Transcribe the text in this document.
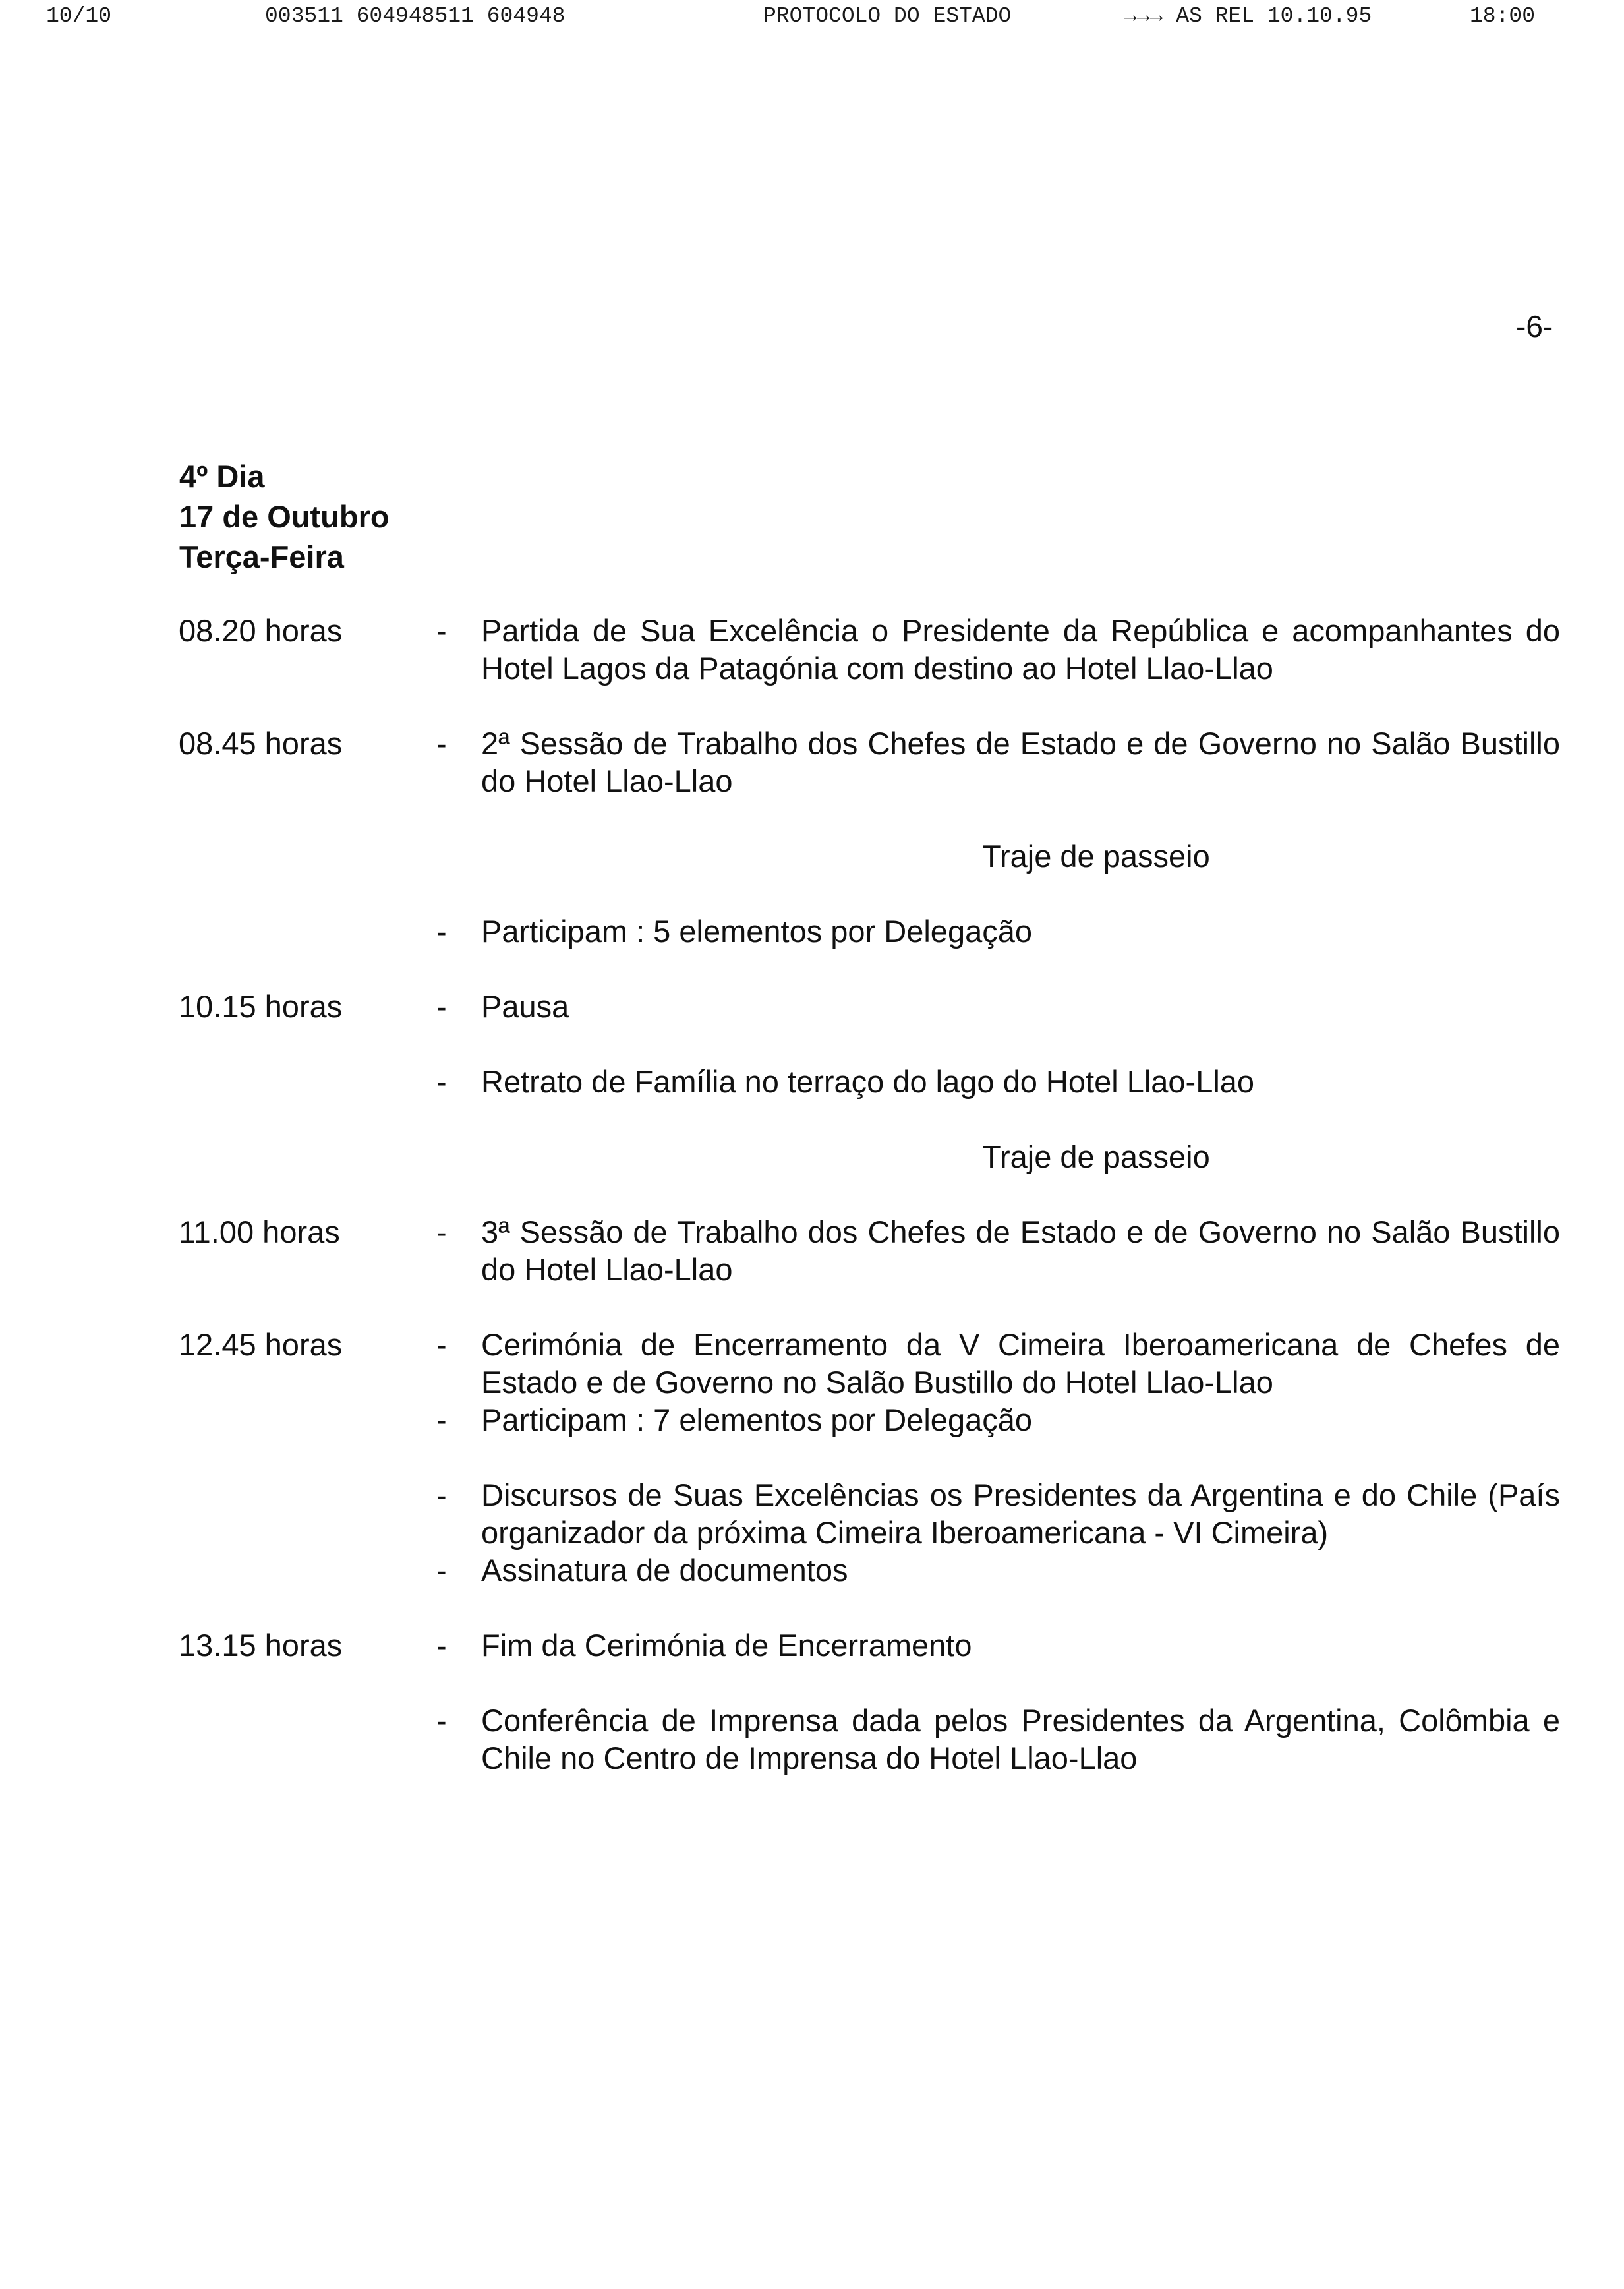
10/10	003511 604948511 604948	PROTOCOLO DO ESTADO	→→→ AS REL 10.10.95	18:00
-6-
4º Dia
17 de Outubro
Terça-Feira
08.20 horas	- Partida de Sua Excelência o Presidente da República e acompanhantes do Hotel Lagos da Patagónia com destino ao Hotel Llao-Llao
08.45 horas	- 2ª Sessão de Trabalho dos Chefes de Estado e de Governo no Salão Bustillo do Hotel Llao-Llao
Traje de passeio
- Participam : 5 elementos por Delegação
10.15 horas	- Pausa
- Retrato de Família no terraço do lago do Hotel Llao-Llao
Traje de passeio
11.00 horas	- 3ª Sessão de Trabalho dos Chefes de Estado e de Governo no Salão Bustillo do Hotel Llao-Llao
12.45 horas	- Cerimónia de Encerramento da V Cimeira Iberoamericana de Chefes de Estado e de Governo no Salão Bustillo do Hotel Llao-Llao
- Participam : 7 elementos por Delegação
- Discursos de Suas Excelências os Presidentes da Argentina e do Chile (País organizador da próxima Cimeira Iberoamericana - VI Cimeira)
- Assinatura de documentos
13.15 horas	- Fim da Cerimónia de Encerramento
- Conferência de Imprensa dada pelos Presidentes da Argentina, Colômbia e Chile no Centro de Imprensa do Hotel Llao-Llao
